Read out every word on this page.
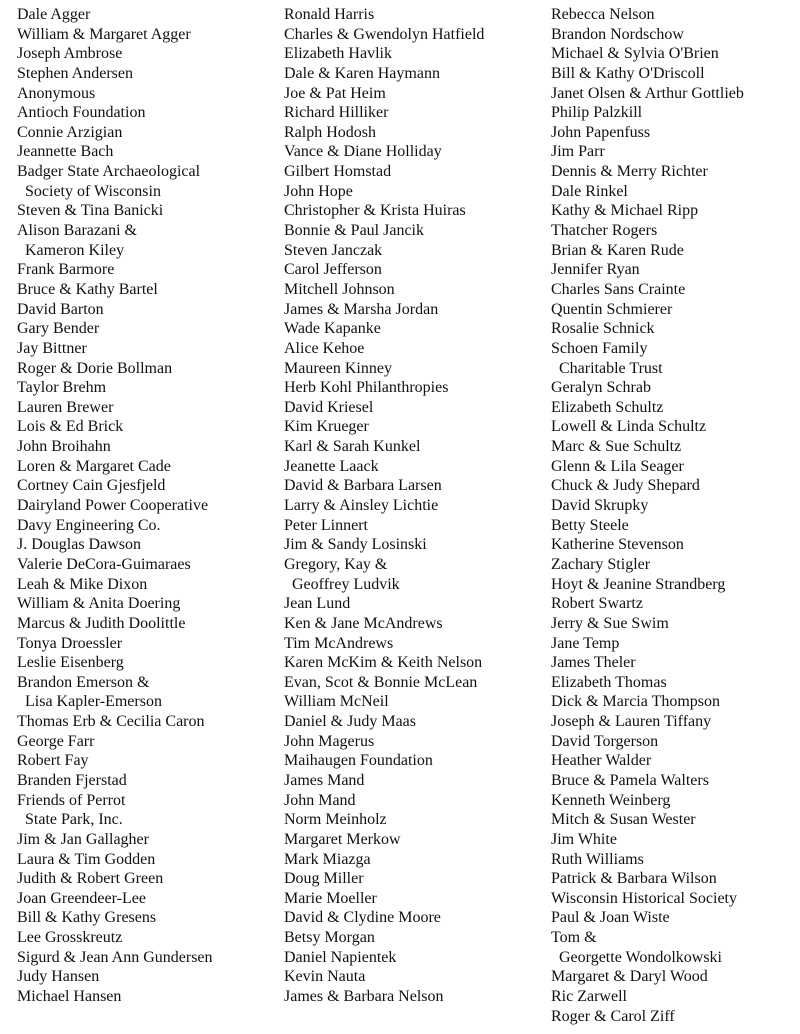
Dale Agger
William & Margaret Agger
Joseph Ambrose
Stephen Andersen
Anonymous
Antioch Foundation
Connie Arzigian
Jeannette Bach
Badger State Archaeological
Society of Wisconsin
Steven & Tina Banicki
Alison Barazani &
Kameron Kiley
Frank Barmore
Bruce & Kathy Bartel
David Barton
Gary Bender
Jay Bittner
Roger & Dorie Bollman
Taylor Brehm
Lauren Brewer
Lois & Ed Brick
John Broihahn
Loren & Margaret Cade
Cortney Cain Gjesfjeld
Dairyland Power Cooperative
Davy Engineering Co.
J. Douglas Dawson
Valerie DeCora-Guimaraes
Leah & Mike Dixon
William & Anita Doering
Marcus & Judith Doolittle
Tonya Droessler
Leslie Eisenberg
Brandon Emerson &
Lisa Kapler-Emerson
Thomas Erb & Cecilia Caron
George Farr
Robert Fay
Branden Fjerstad
Friends of Perrot
State Park, Inc.
Jim & Jan Gallagher
Laura & Tim Godden
Judith & Robert Green
Joan Greendeer-Lee
Bill & Kathy Gresens
Lee Grosskreutz
Sigurd & Jean Ann Gundersen
Judy Hansen
Michael Hansen
Ronald Harris
Charles & Gwendolyn Hatfield
Elizabeth Havlik
Dale & Karen Haymann
Joe & Pat Heim
Richard Hilliker
Ralph Hodosh
Vance & Diane Holliday
Gilbert Homstad
John Hope
Christopher & Krista Huiras
Bonnie & Paul Jancik
Steven Janczak
Carol Jefferson
Mitchell Johnson
James & Marsha Jordan
Wade Kapanke
Alice Kehoe
Maureen Kinney
Herb Kohl Philanthropies
David Kriesel
Kim Krueger
Karl & Sarah Kunkel
Jeanette Laack
David & Barbara Larsen
Larry & Ainsley Lichtie
Peter Linnert
Jim & Sandy Losinski
Gregory, Kay &
Geoffrey Ludvik
Jean Lund
Ken & Jane McAndrews
Tim McAndrews
Karen McKim & Keith Nelson
Evan, Scot & Bonnie McLean
William McNeil
Daniel & Judy Maas
John Magerus
Maihaugen Foundation
James Mand
John Mand
Norm Meinholz
Margaret Merkow
Mark Miazga
Doug Miller
Marie Moeller
David & Clydine Moore
Betsy Morgan
Daniel Napientek
Kevin Nauta
James & Barbara Nelson
Rebecca Nelson
Brandon Nordschow
Michael & Sylvia O'Brien
Bill & Kathy O'Driscoll
Janet Olsen & Arthur Gottlieb
Philip Palzkill
John Papenfuss
Jim Parr
Dennis & Merry Richter
Dale Rinkel
Kathy & Michael Ripp
Thatcher Rogers
Brian & Karen Rude
Jennifer Ryan
Charles Sans Crainte
Quentin Schmierer
Rosalie Schnick
Schoen Family
Charitable Trust
Geralyn Schrab
Elizabeth Schultz
Lowell & Linda Schultz
Marc & Sue Schultz
Glenn & Lila Seager
Chuck & Judy Shepard
David Skrupky
Betty Steele
Katherine Stevenson
Zachary Stigler
Hoyt & Jeanine Strandberg
Robert Swartz
Jerry & Sue Swim
Jane Temp
James Theler
Elizabeth Thomas
Dick & Marcia Thompson
Joseph & Lauren Tiffany
David Torgerson
Heather Walder
Bruce & Pamela Walters
Kenneth Weinberg
Mitch & Susan Wester
Jim White
Ruth Williams
Patrick & Barbara Wilson
Wisconsin Historical Society
Paul & Joan Wiste
Tom &
Georgette Wondolkowski
Margaret & Daryl Wood
Ric Zarwell
Roger & Carol Ziff
